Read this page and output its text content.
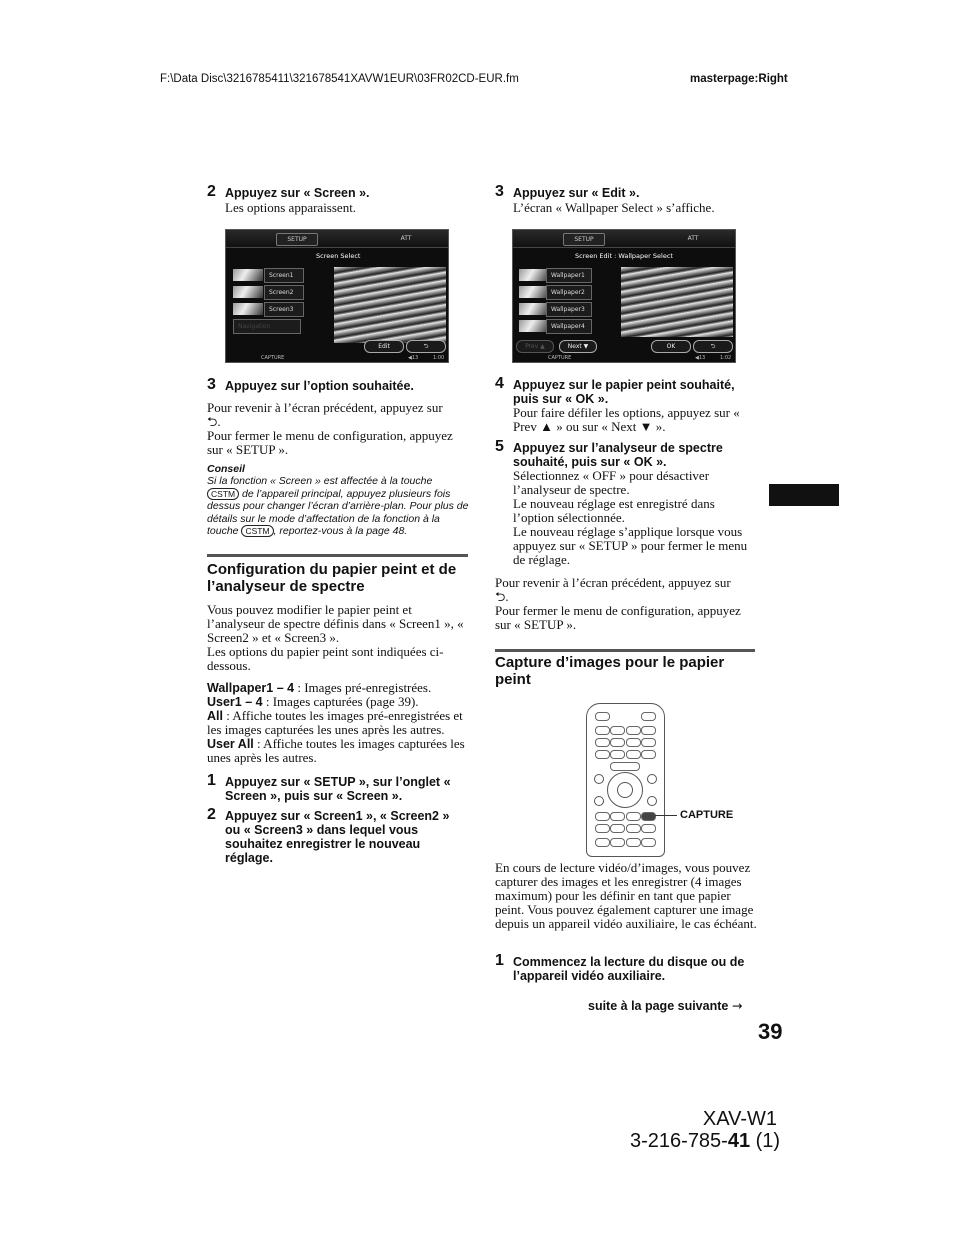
F:\Data Disc\3216785411\321678541XAVW1EUR\03FR02CD-EUR.fm	masterpage:Right
2 Appuyez sur « Screen ».
Les options apparaissent.
SETUP	ATT
Screen Select
Screen1
Screen2
Screen3
Navigation
Edit	⮌
CAPTURE	◀13	1:00
3 Appuyez sur l’option souhaitée.
Pour revenir à l’écran précédent, appuyez sur
⮌.
Pour fermer le menu de configuration, appuyez sur « SETUP ».
Conseil
Si la fonction « Screen » est affectée à la touche
CSTM de l’appareil principal, appuyez plusieurs fois dessus pour changer l’écran d’arrière-plan. Pour plus de détails sur le mode d’affectation de la fonction à la touche CSTM , reportez-vous à la page 48.
Configuration du papier peint et de l’analyseur de spectre
Vous pouvez modifier le papier peint et l’analyseur de spectre définis dans « Screen1 », « Screen2 » et « Screen3 ».
Les options du papier peint sont indiquées ci-dessous.
Wallpaper1 – 4 : Images pré-enregistrées.
User1 – 4 : Images capturées (page 39).
All : Affiche toutes les images pré-enregistrées et les images capturées les unes après les autres.
User All : Affiche toutes les images capturées les unes après les autres.
1 Appuyez sur « SETUP », sur l’onglet « Screen », puis sur « Screen ».
2 Appuyez sur « Screen1 », « Screen2 » ou « Screen3 » dans lequel vous souhaitez enregistrer le nouveau réglage.
3 Appuyez sur « Edit ».
L’écran « Wallpaper Select » s’affiche.
SETUP	ATT
Screen Edit : Wallpaper Select
Wallpaper1
Wallpaper2
Wallpaper3
Wallpaper4
Prev ▲	Next ▼	OK	⮌
CAPTURE	◀13	1:02
4 Appuyez sur le papier peint souhaité, puis sur « OK ».
Pour faire défiler les options, appuyez sur « Prev ▲ » ou sur « Next ▼ ».
5 Appuyez sur l’analyseur de spectre souhaité, puis sur « OK ».
Sélectionnez « OFF » pour désactiver l’analyseur de spectre.
Le nouveau réglage est enregistré dans l’option sélectionnée.
Le nouveau réglage s’applique lorsque vous appuyez sur « SETUP » pour fermer le menu de réglage.
Pour revenir à l’écran précédent, appuyez sur
⮌.
Pour fermer le menu de configuration, appuyez sur « SETUP ».
Capture d’images pour le papier peint
CAPTURE
En cours de lecture vidéo/d’images, vous pouvez capturer des images et les enregistrer (4 images maximum) pour les définir en tant que papier peint. Vous pouvez également capturer une image depuis un appareil vidéo auxiliaire, le cas échéant.
1 Commencez la lecture du disque ou de l’appareil vidéo auxiliaire.
suite à la page suivante →
39
XAV-W1
3-216-785-41 (1)
